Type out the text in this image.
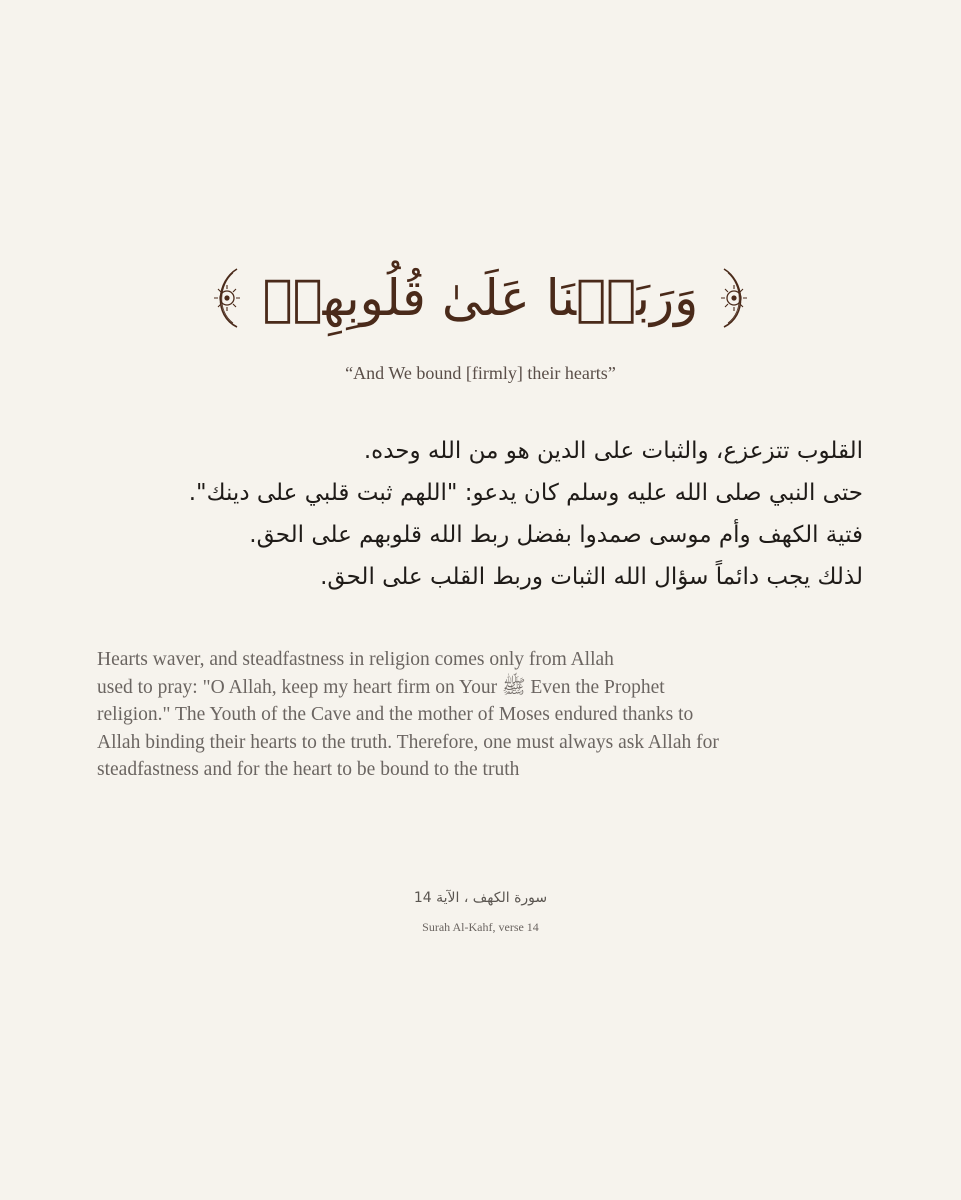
وَرَبَطۡنَا عَلَىٰ قُلُوبِهِمۡ

“And We bound [firmly] their hearts”

القلوب تتزعزع، والثبات على الدين هو من الله وحده.
حتى النبي صلى الله عليه وسلم كان يدعو: "اللهم ثبت قلبي على دينك".
فتية الكهف وأم موسى صمدوا بفضل ربط الله قلوبهم على الحق.
لذلك يجب دائماً سؤال الله الثبات وربط القلب على الحق.
Hearts waver, and steadfastness in religion comes only from Allah
used to pray: "O Allah, keep my heart firm on Your ﷺ Even the Prophet
religion." The Youth of the Cave and the mother of Moses endured thanks to
Allah binding their hearts to the truth. Therefore, one must always ask Allah for
steadfastness and for the heart to be bound to the truth

سورة الكهف ، الآية 14

Surah Al-Kahf, verse 14
